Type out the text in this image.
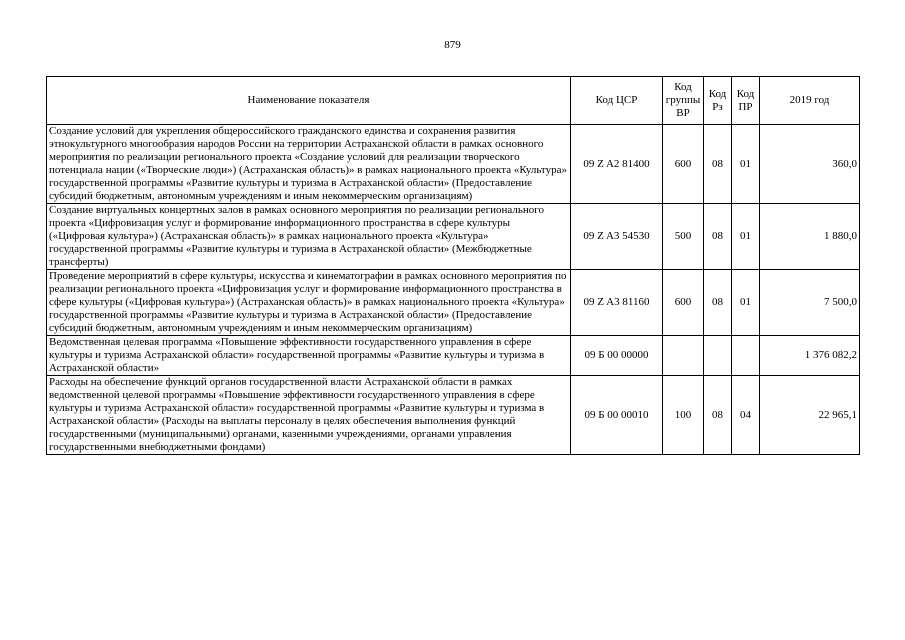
879
Наименование показателя	Код ЦСР	Код группы ВР	Код Рз	Код ПР	2019 год
Создание условий для укрепления общероссийского гражданского единства и сохранения развития этнокультурного многообразия народов России на территории Астраханской области в рамках основного мероприятия по реализации регионального проекта «Создание условий для реализации творческого потенциала нации («Творческие люди») (Астраханская область)» в рамках национального проекта «Культура» государственной программы «Развитие культуры и туризма в Астраханской области» (Предоставление субсидий бюджетным, автономным учреждениям и иным некоммерческим организациям)	09 Z A2 81400	600	08	01	360,0
Создание виртуальных концертных залов в рамках основного мероприятия по реализации регионального проекта «Цифровизация услуг и формирование информационного пространства в сфере культуры («Цифровая культура») (Астраханская область)» в рамках национального проекта «Культура» государственной программы «Развитие культуры и туризма в Астраханской области» (Межбюджетные трансферты)	09 Z A3 54530	500	08	01	1 880,0
Проведение мероприятий в сфере культуры, искусства и кинематографии в рамках основного мероприятия по реализации регионального проекта «Цифровизация услуг и формирование информационного пространства в сфере культуры («Цифровая культура») (Астраханская область)» в рамках национального проекта «Культура» государственной программы «Развитие культуры и туризма в Астраханской области» (Предоставление субсидий бюджетным, автономным учреждениям и иным некоммерческим организациям)	09 Z A3 81160	600	08	01	7 500,0
Ведомственная целевая программа «Повышение эффективности государственного управления в сфере культуры и туризма Астраханской области» государственной программы «Развитие культуры и туризма в Астраханской области»	09 Б 00 00000				1 376 082,2
Расходы на обеспечение функций органов государственной власти Астраханской области в рамках ведомственной целевой программы «Повышение эффективности государственного управления в сфере культуры и туризма Астраханской области» государственной программы «Развитие культуры и туризма в Астраханской области» (Расходы на выплаты персоналу в целях обеспечения выполнения функций государственными (муниципальными) органами, казенными учреждениями, органами управления государственными внебюджетными фондами)	09 Б 00 00010	100	08	04	22 965,1
